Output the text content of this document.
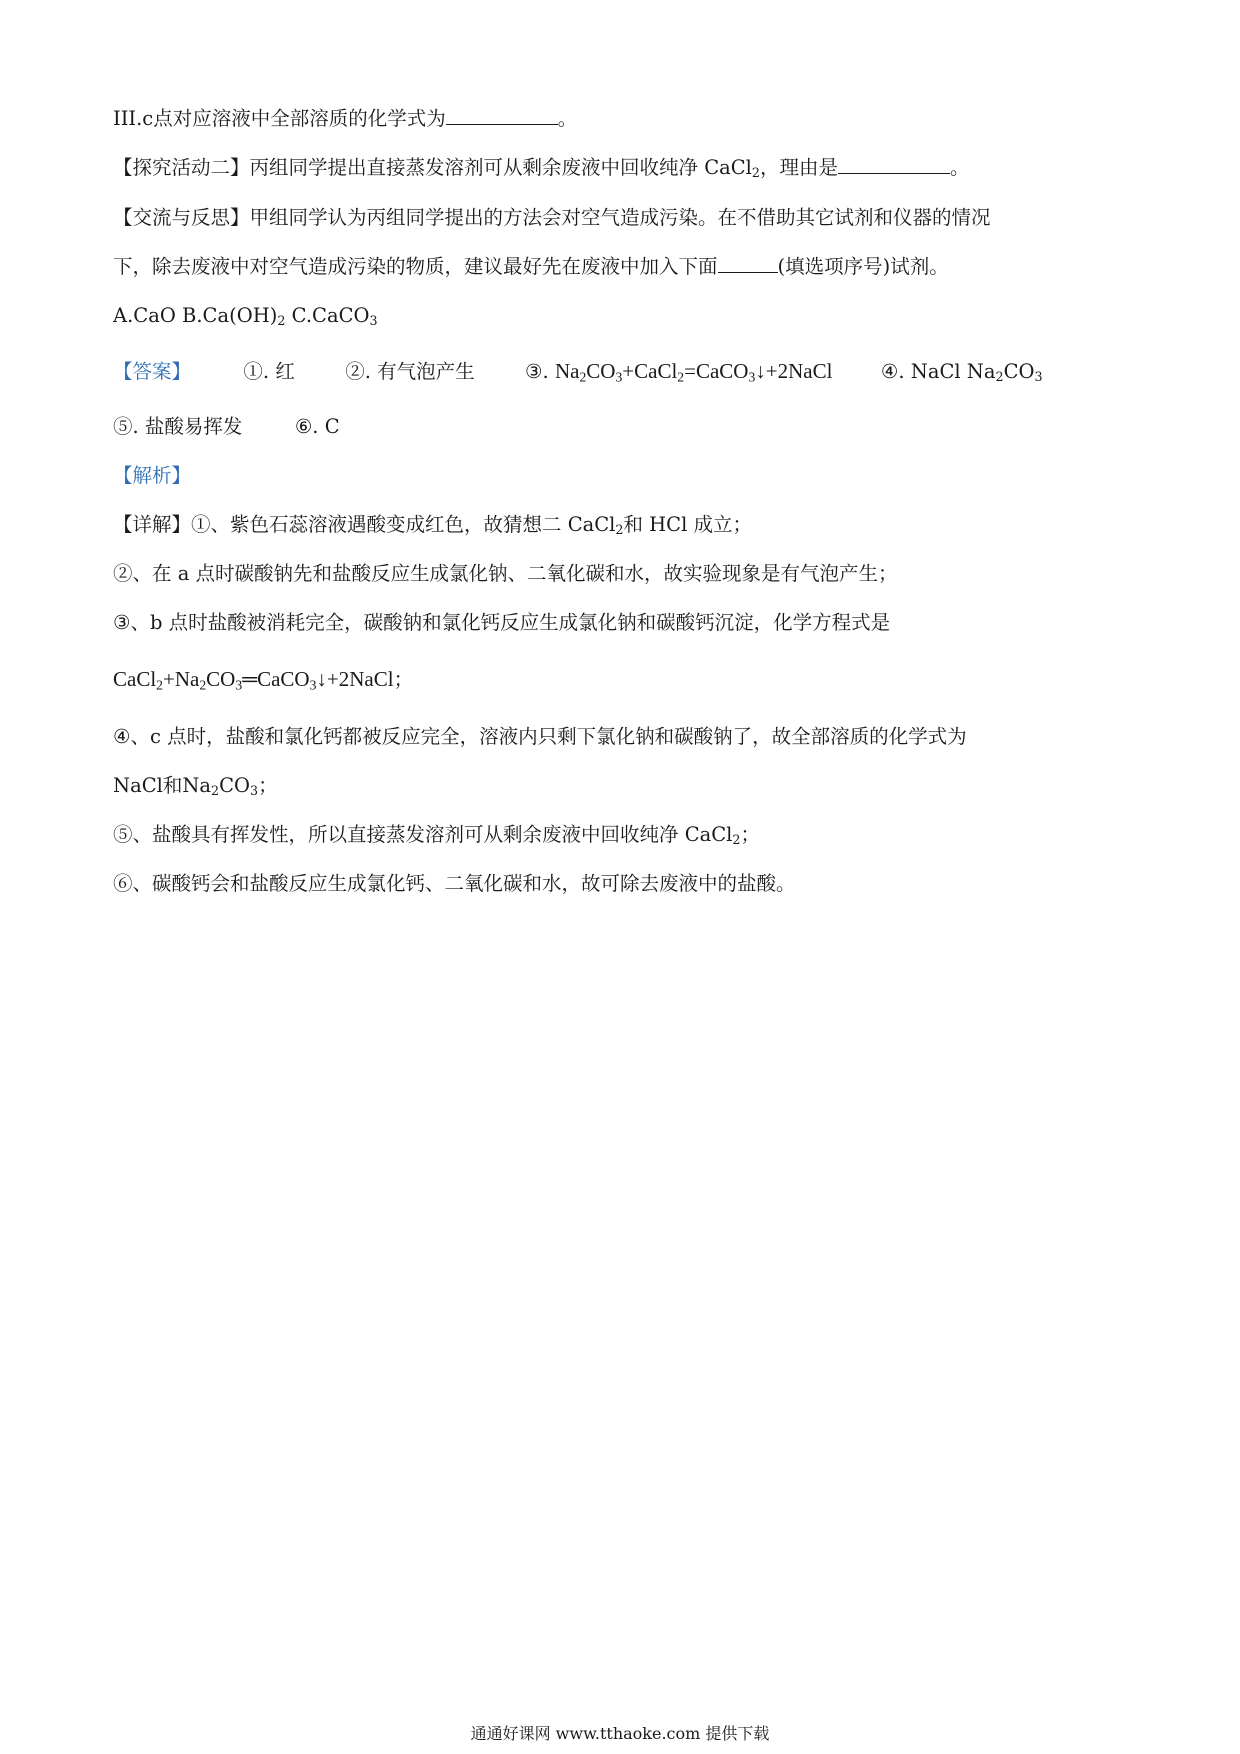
III.c点对应溶液中全部溶质的化学式为	。
【探究活动二】丙组同学提出直接蒸发溶剂可从剩余废液中回收纯净 CaCl$_2$，理由是	。
【交流与反思】甲组同学认为丙组同学提出的方法会对空气造成污染。在不借助其它试剂和仪器的情况
下，除去废液中对空气造成污染的物质，建议最好先在废液中加入下面	(填选项序号)试剂。
A.CaO $B.Ca(OH)_2$ C.CaCO$_3$
【答案】	①. 红	②. 有气泡产生	③. $Na_2CO_3+CaCl_2=CaCO_3↓+2NaCl$ ④. NaCl $Na_2CO_3$
⑤. 盐酸易挥发	⑥. C
【解析】
【详解】①、紫色石蕊溶液遇酸变成红色，故猜想二 CaCl$_2$和 HCl 成立；
②、在 a 点时碳酸钠先和盐酸反应生成氯化钠、二氧化碳和水，故实验现象是有气泡产生；
③、b 点时盐酸被消耗完全，碳酸钠和氯化钙反应生成氯化钠和碳酸钙沉淀，化学方程式是
$CaCl_2+Na_2CO_3═CaCO_3↓+2NaCl$；
④、c 点时，盐酸和氯化钙都被反应完全，溶液内只剩下氯化钠和碳酸钠了，故全部溶质的化学式为
NaCl和$Na_2CO_3$；
⑤、盐酸具有挥发性，所以直接蒸发溶剂可从剩余废液中回收纯净 CaCl$_2$；
⑥、碳酸钙会和盐酸反应生成氯化钙、二氧化碳和水，故可除去废液中的盐酸。
通通好课网 www.tthaoke.com 提供下载
